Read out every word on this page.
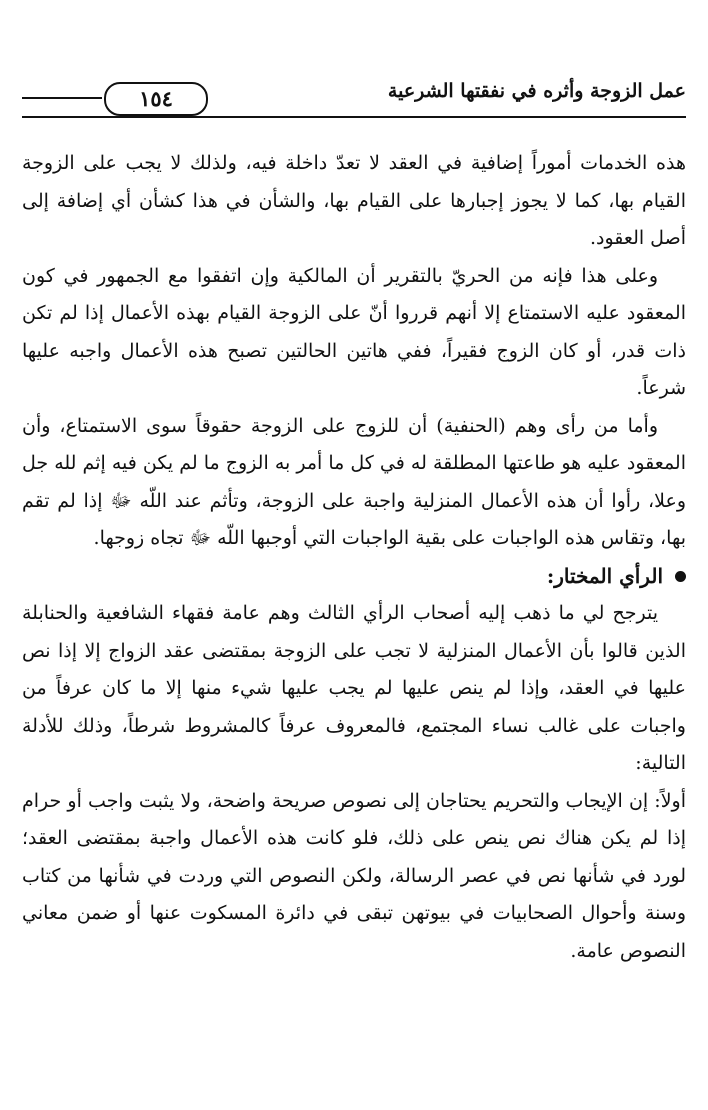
١٥٤	عمل الزوجة وأثره في نفقتها الشرعية

هذه الخدمات أموراً إضافية في العقد لا تعدّ داخلة فيه، ولذلك لا يجب على الزوجة القيام بها، كما لا يجوز إجبارها على القيام بها، والشأن في هذا كشأن أي إضافة إلى أصل العقود.

وعلى هذا فإنه من الحريّ بالتقرير أن المالكية وإن اتفقوا مع الجمهور في كون المعقود عليه الاستمتاع إلا أنهم قرروا أنّ على الزوجة القيام بهذه الأعمال إذا لم تكن ذات قدر، أو كان الزوج فقيراً، ففي هاتين الحالتين تصبح هذه الأعمال واجبه عليها شرعاً.

وأما من رأى وهم (الحنفية) أن للزوج على الزوجة حقوقاً سوى الاستمتاع، وأن المعقود عليه هو طاعتها المطلقة له في كل ما أمر به الزوج ما لم يكن فيه إثم لله جل وعلا، رأوا أن هذه الأعمال المنزلية واجبة على الزوجة، وتأثم عند اللّه ﷻ إذا لم تقم بها، وتقاس هذه الواجبات على بقية الواجبات التي أوجبها اللّه ﷻ تجاه زوجها.

الرأي المختار:

يترجح لي ما ذهب إليه أصحاب الرأي الثالث وهم عامة فقهاء الشافعية والحنابلة الذين قالوا بأن الأعمال المنزلية لا تجب على الزوجة بمقتضى عقد الزواج إلا إذا نص عليها في العقد، وإذا لم ينص عليها لم يجب عليها شيء منها إلا ما كان عرفاً من واجبات على غالب نساء المجتمع، فالمعروف عرفاً كالمشروط شرطاً، وذلك للأدلة التالية:

أولاً: إن الإيجاب والتحريم يحتاجان إلى نصوص صريحة واضحة، ولا يثبت واجب أو حرام إذا لم يكن هناك نص ينص على ذلك، فلو كانت هذه الأعمال واجبة بمقتضى العقد؛ لورد في شأنها نص في عصر الرسالة، ولكن النصوص التي وردت في شأنها من كتاب وسنة وأحوال الصحابيات في بيوتهن تبقى في دائرة المسكوت عنها أو ضمن معاني النصوص عامة.
